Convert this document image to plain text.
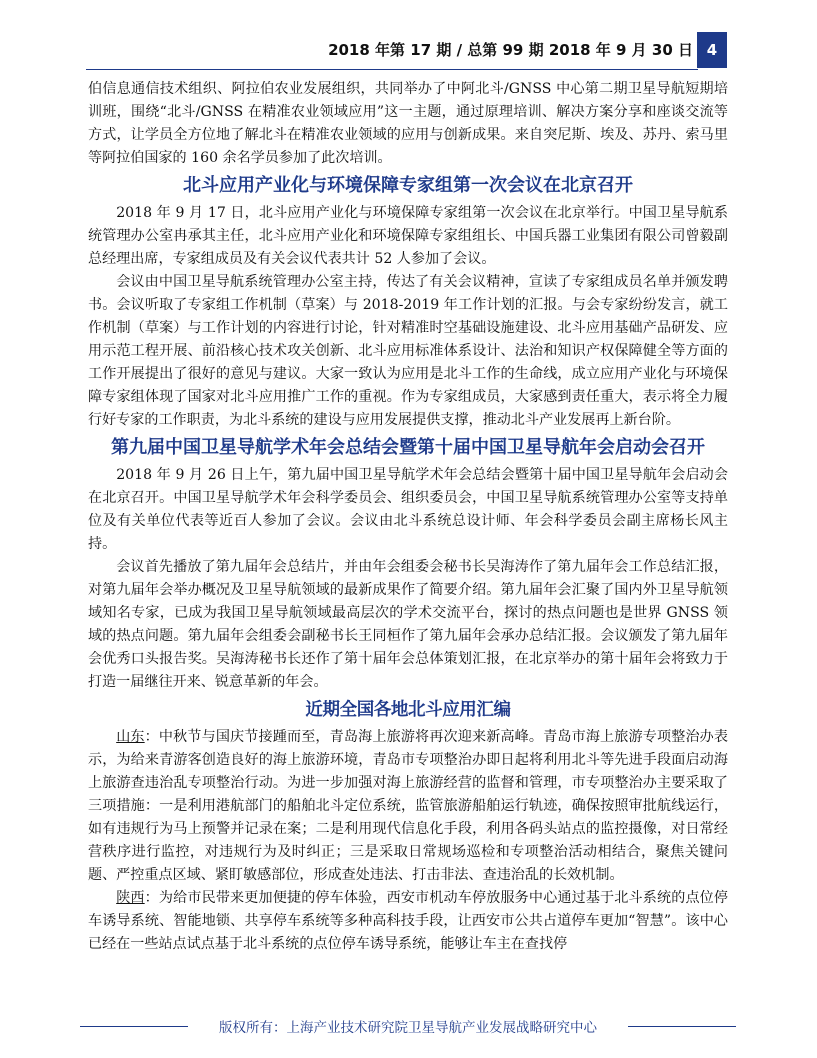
2018 年第 17 期 / 总第 99 期 2018 年 9 月 30 日 4

伯信息通信技术组织、阿拉伯农业发展组织，共同举办了中阿北斗/GNSS 中心第二期卫星导航短期培训班，围绕“北斗/GNSS 在精准农业领域应用”这一主题，通过原理培训、解决方案分享和座谈交流等方式，让学员全方位地了解北斗在精准农业领域的应用与创新成果。来自突尼斯、埃及、苏丹、索马里等阿拉伯国家的 160 余名学员参加了此次培训。

北斗应用产业化与环境保障专家组第一次会议在北京召开

2018 年 9 月 17 日，北斗应用产业化与环境保障专家组第一次会议在北京举行。中国卫星导航系统管理办公室冉承其主任，北斗应用产业化和环境保障专家组组长、中国兵器工业集团有限公司曾毅副总经理出席，专家组成员及有关会议代表共计 52 人参加了会议。

会议由中国卫星导航系统管理办公室主持，传达了有关会议精神，宣读了专家组成员名单并颁发聘书。会议听取了专家组工作机制（草案）与 2018-2019 年工作计划的汇报。与会专家纷纷发言，就工作机制（草案）与工作计划的内容进行讨论，针对精准时空基础设施建设、北斗应用基础产品研发、应用示范工程开展、前沿核心技术攻关创新、北斗应用标准体系设计、法治和知识产权保障健全等方面的工作开展提出了很好的意见与建议。大家一致认为应用是北斗工作的生命线，成立应用产业化与环境保障专家组体现了国家对北斗应用推广工作的重视。作为专家组成员，大家感到责任重大，表示将全力履行好专家的工作职责，为北斗系统的建设与应用发展提供支撑，推动北斗产业发展再上新台阶。

第九届中国卫星导航学术年会总结会暨第十届中国卫星导航年会启动会召开

2018 年 9 月 26 日上午，第九届中国卫星导航学术年会总结会暨第十届中国卫星导航年会启动会在北京召开。中国卫星导航学术年会科学委员会、组织委员会，中国卫星导航系统管理办公室等支持单位及有关单位代表等近百人参加了会议。会议由北斗系统总设计师、年会科学委员会副主席杨长风主持。

会议首先播放了第九届年会总结片，并由年会组委会秘书长吴海涛作了第九届年会工作总结汇报，对第九届年会举办概况及卫星导航领域的最新成果作了简要介绍。第九届年会汇聚了国内外卫星导航领域知名专家，已成为我国卫星导航领域最高层次的学术交流平台，探讨的热点问题也是世界 GNSS 领域的热点问题。第九届年会组委会副秘书长王同桓作了第九届年会承办总结汇报。会议颁发了第九届年会优秀口头报告奖。吴海涛秘书长还作了第十届年会总体策划汇报，在北京举办的第十届年会将致力于打造一届继往开来、锐意革新的年会。

近期全国各地北斗应用汇编

山东：中秋节与国庆节接踵而至，青岛海上旅游将再次迎来新高峰。青岛市海上旅游专项整治办表示，为给来青游客创造良好的海上旅游环境，青岛市专项整治办即日起将利用北斗等先进手段面启动海上旅游查违治乱专项整治行动。为进一步加强对海上旅游经营的监督和管理，市专项整治办主要采取了三项措施：一是利用港航部门的船舶北斗定位系统，监管旅游船舶运行轨迹，确保按照审批航线运行，如有违规行为马上预警并记录在案；二是利用现代信息化手段，利用各码头站点的监控摄像，对日常经营秩序进行监控，对违规行为及时纠正；三是采取日常规场巡检和专项整治活动相结合，聚焦关键问题、严控重点区域、紧盯敏感部位，形成查处违法、打击非法、查违治乱的长效机制。

陕西：为给市民带来更加便捷的停车体验，西安市机动车停放服务中心通过基于北斗系统的点位停车诱导系统、智能地锁、共享停车系统等多种高科技手段，让西安市公共占道停车更加“智慧”。该中心已经在一些站点试点基于北斗系统的点位停车诱导系统，能够让车主在查找停

版权所有：上海产业技术研究院卫星导航产业发展战略研究中心
